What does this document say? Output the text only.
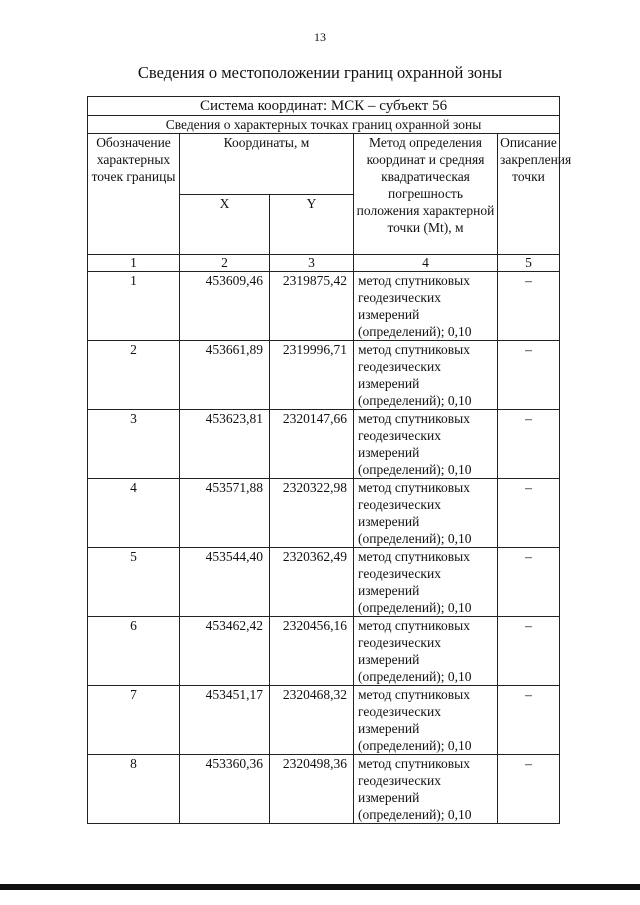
13
Сведения о местоположении границ охранной зоны
Система координат: МСК – субъект 56				
Сведения о характерных точках границ охранной зоны				
Обозначение характерных точек границы	Координаты, м		Метод определения координат и средняя квадратическая погрешность положения характерной точки (Mt), м	Описание закрепления точки
	X	Y		
1	2	3	4	5
1	453609,46	2319875,42	метод спутниковых геодезических измерений (определений); 0,10	–
2	453661,89	2319996,71	метод спутниковых геодезических измерений (определений); 0,10	–
3	453623,81	2320147,66	метод спутниковых геодезических измерений (определений); 0,10	–
4	453571,88	2320322,98	метод спутниковых геодезических измерений (определений); 0,10	–
5	453544,40	2320362,49	метод спутниковых геодезических измерений (определений); 0,10	–
6	453462,42	2320456,16	метод спутниковых геодезических измерений (определений); 0,10	–
7	453451,17	2320468,32	метод спутниковых геодезических измерений (определений); 0,10	–
8	453360,36	2320498,36	метод спутниковых геодезических измерений (определений); 0,10	–
